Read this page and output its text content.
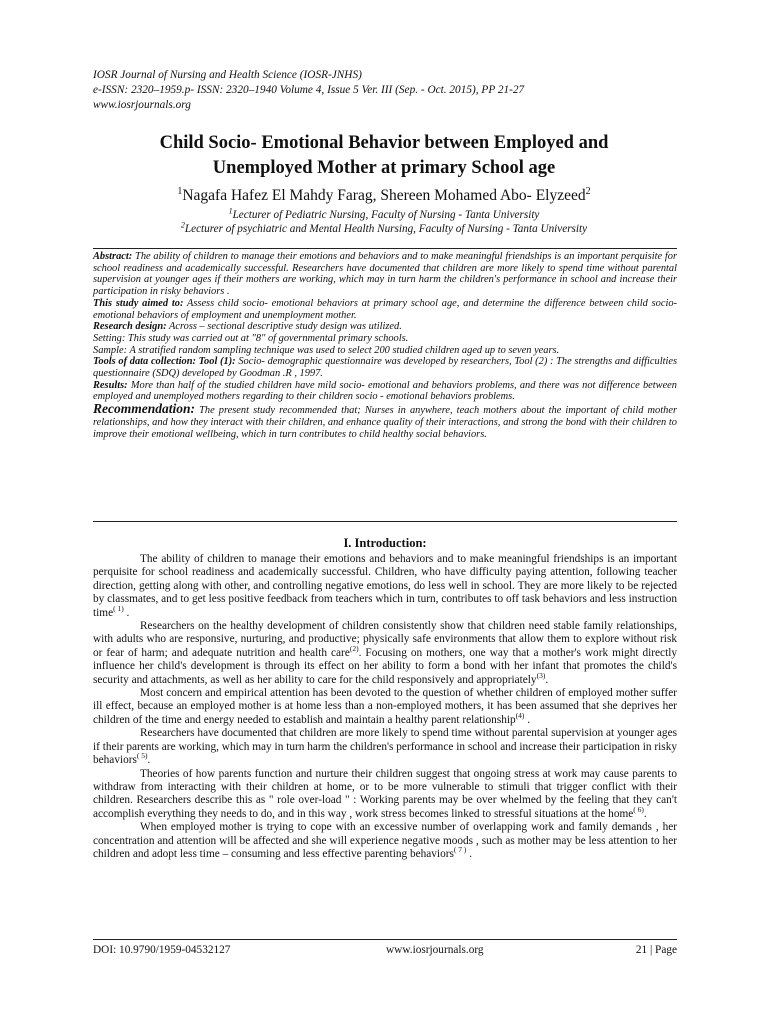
IOSR Journal of Nursing and Health Science (IOSR-JNHS)
e-ISSN: 2320–1959.p- ISSN: 2320–1940 Volume 4, Issue 5 Ver. III (Sep. - Oct. 2015), PP 21-27
www.iosrjournals.org
Child Socio- Emotional Behavior between Employed and
Unemployed Mother at primary School age
$^1$Nagafa Hafez El Mahdy Farag, Shereen Mohamed Abo- Elyzeed$^2$
$^1$Lecturer of Pediatric Nursing, Faculty of Nursing - Tanta University
$^2$Lecturer of psychiatric and Mental Health Nursing, Faculty of Nursing - Tanta University

Abstract: The ability of children to manage their emotions and behaviors and to make meaningful friendships is an important perquisite for school readiness and academically successful. Researchers have documented that children are more likely to spend time without parental supervision at younger ages if their mothers are working, which may in turn harm the children's performance in school and increase their participation in risky behaviors .

This study aimed to: Assess child socio- emotional behaviors at primary school age, and determine the difference between child socio- emotional behaviors of employment and unemployment mother.

Research design: Across – sectional descriptive study design was utilized.

Setting: This study was carried out at "8" of governmental primary schools.

Sample: A stratified random sampling technique was used to select 200 studied children aged up to seven years.

Tools of data collection: Tool (1): Socio- demographic questionnaire was developed by researchers, Tool (2) : The strengths and difficulties questionnaire (SDQ) developed by Goodman .R , 1997.

Results: More than half of the studied children have mild socio- emotional and behaviors problems, and there was not difference between employed and unemployed mothers regarding to their children socio - emotional behaviors problems.

Recommendation: The present study recommended that; Nurses in anywhere, teach mothers about the important of child mother relationships, and how they interact with their children, and enhance quality of their interactions, and strong the bond with their children to improve their emotional wellbeing, which in turn contributes to child healthy social behaviors.

I. Introduction:

The ability of children to manage their emotions and behaviors and to make meaningful friendships is an important perquisite for school readiness and academically successful. Children, who have difficulty paying attention, following teacher direction, getting along with other, and controlling negative emotions, do less well in school. They are more likely to be rejected by classmates, and to get less positive feedback from teachers which in turn, contributes to off task behaviors and less instruction time$^{( 1)}$ .

Researchers on the healthy development of children consistently show that children need stable family relationships, with adults who are responsive, nurturing, and productive; physically safe environments that allow them to explore without risk or fear of harm; and adequate nutrition and health care$^{(2)}$. Focusing on mothers, one way that a mother's work might directly influence her child's development is through its effect on her ability to form a bond with her infant that promotes the child's security and attachments, as well as her ability to care for the child responsively and appropriately$^{(3)}$.

Most concern and empirical attention has been devoted to the question of whether children of employed mother suffer ill effect, because an employed mother is at home less than a non-employed mothers, it has been assumed that she deprives her children of the time and energy needed to establish and maintain a healthy parent relationship$^{(4)}$ .

Researchers have documented that children are more likely to spend time without parental supervision at younger ages if their parents are working, which may in turn harm the children's performance in school and increase their participation in risky behaviors$^{( 5)}$.

Theories of how parents function and nurture their children suggest that ongoing stress at work may cause parents to withdraw from interacting with their children at home, or to be more vulnerable to stimuli that trigger conflict with their children. Researchers describe this as " role over-load " : Working parents may be over whelmed by the feeling that they can't accomplish everything they needs to do, and in this way , work stress becomes linked to stressful situations at the home$^{( 6)}$.

When employed mother is trying to cope with an excessive number of overlapping work and family demands , her concentration and attention will be affected and she will experience negative moods , such as mother may be less attention to her children and adopt less time – consuming and less effective parenting behaviors$^{( 7 )}$ .

DOI: 10.9790/1959-04532127	www.iosrjournals.org	21 | Page
